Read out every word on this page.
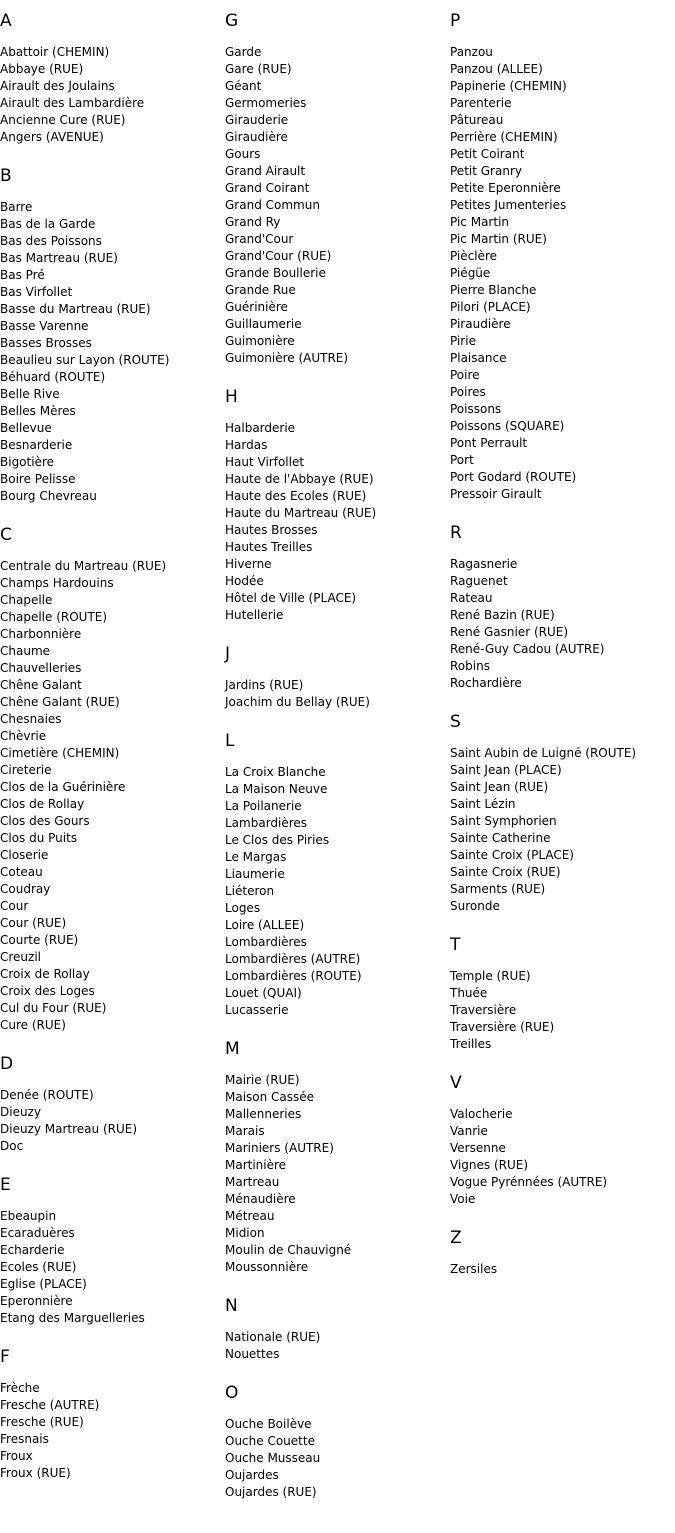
A
Abattoir (CHEMIN)
Abbaye (RUE)
Airault des Joulains
Airault des Lambardière
Ancienne Cure (RUE)
Angers (AVENUE)
B
Barre
Bas de la Garde
Bas des Poissons
Bas Martreau (RUE)
Bas Pré
Bas Virfollet
Basse du Martreau (RUE)
Basse Varenne
Basses Brosses
Beaulieu sur Layon (ROUTE)
Béhuard (ROUTE)
Belle Rive
Belles Mères
Bellevue
Besnarderie
Bigotière
Boire Pelisse
Bourg Chevreau
C
Centrale du Martreau (RUE)
Champs Hardouins
Chapelle
Chapelle (ROUTE)
Charbonnière
Chaume
Chauvelleries
Chêne Galant
Chêne Galant (RUE)
Chesnaies
Chèvrie
Cimetière (CHEMIN)
Cireterie
Clos de la Guérinière
Clos de Rollay
Clos des Gours
Clos du Puits
Closerie
Coteau
Coudray
Cour
Cour (RUE)
Courte (RUE)
Creuzil
Croix de Rollay
Croix des Loges
Cul du Four (RUE)
Cure (RUE)
D
Denée (ROUTE)
Dieuzy
Dieuzy Martreau (RUE)
Doc
E
Ebeaupin
Ecaraduères
Echarderie
Ecoles (RUE)
Eglise (PLACE)
Eperonnière
Etang des Marguelleries
F
Frèche
Fresche (AUTRE)
Fresche (RUE)
Fresnais
Froux
Froux (RUE)
G
Garde
Gare (RUE)
Géant
Germomeries
Girauderie
Giraudière
Gours
Grand Airault
Grand Coirant
Grand Commun
Grand Ry
Grand'Cour
Grand'Cour (RUE)
Grande Boullerie
Grande Rue
Guérinière
Guillaumerie
Guimonière
Guimonière (AUTRE)
H
Halbarderie
Hardas
Haut Virfollet
Haute de l'Abbaye (RUE)
Haute des Ecoles (RUE)
Haute du Martreau (RUE)
Hautes Brosses
Hautes Treilles
Hiverne
Hodée
Hôtel de Ville (PLACE)
Hutellerie
J
Jardins (RUE)
Joachim du Bellay (RUE)
L
La Croix Blanche
La Maison Neuve
La Poilanerie
Lambardières
Le Clos des Piries
Le Margas
Liaumerie
Liéteron
Loges
Loire (ALLEE)
Lombardières
Lombardières (AUTRE)
Lombardières (ROUTE)
Louet (QUAI)
Lucasserie
M
Mairie (RUE)
Maison Cassée
Mallenneries
Marais
Mariniers (AUTRE)
Martinière
Martreau
Ménaudière
Métreau
Midion
Moulin de Chauvigné
Moussonnière
N
Nationale (RUE)
Nouettes
O
Ouche Boilève
Ouche Couette
Ouche Musseau
Oujardes
Oujardes (RUE)
P
Panzou
Panzou (ALLEE)
Papinerie (CHEMIN)
Parenterie
Pâtureau
Perrière (CHEMIN)
Petit Coirant
Petit Granry
Petite Eperonnière
Petites Jumenteries
Pic Martin
Pic Martin (RUE)
Pièclère
Piégüe
Pierre Blanche
Pilori (PLACE)
Piraudière
Pirie
Plaisance
Poire
Poires
Poissons
Poissons (SQUARE)
Pont Perrault
Port
Port Godard (ROUTE)
Pressoir Girault
R
Ragasnerie
Raguenet
Rateau
René Bazin (RUE)
René Gasnier (RUE)
René-Guy Cadou (AUTRE)
Robins
Rochardière
S
Saint Aubin de Luigné (ROUTE)
Saint Jean (PLACE)
Saint Jean (RUE)
Saint Lézin
Saint Symphorien
Sainte Catherine
Sainte Croix (PLACE)
Sainte Croix (RUE)
Sarments (RUE)
Suronde
T
Temple (RUE)
Thuée
Traversière
Traversière (RUE)
Treilles
V
Valocherie
Vanrie
Versenne
Vignes (RUE)
Vogue Pyrénnées (AUTRE)
Voie
Z
Zersiles
